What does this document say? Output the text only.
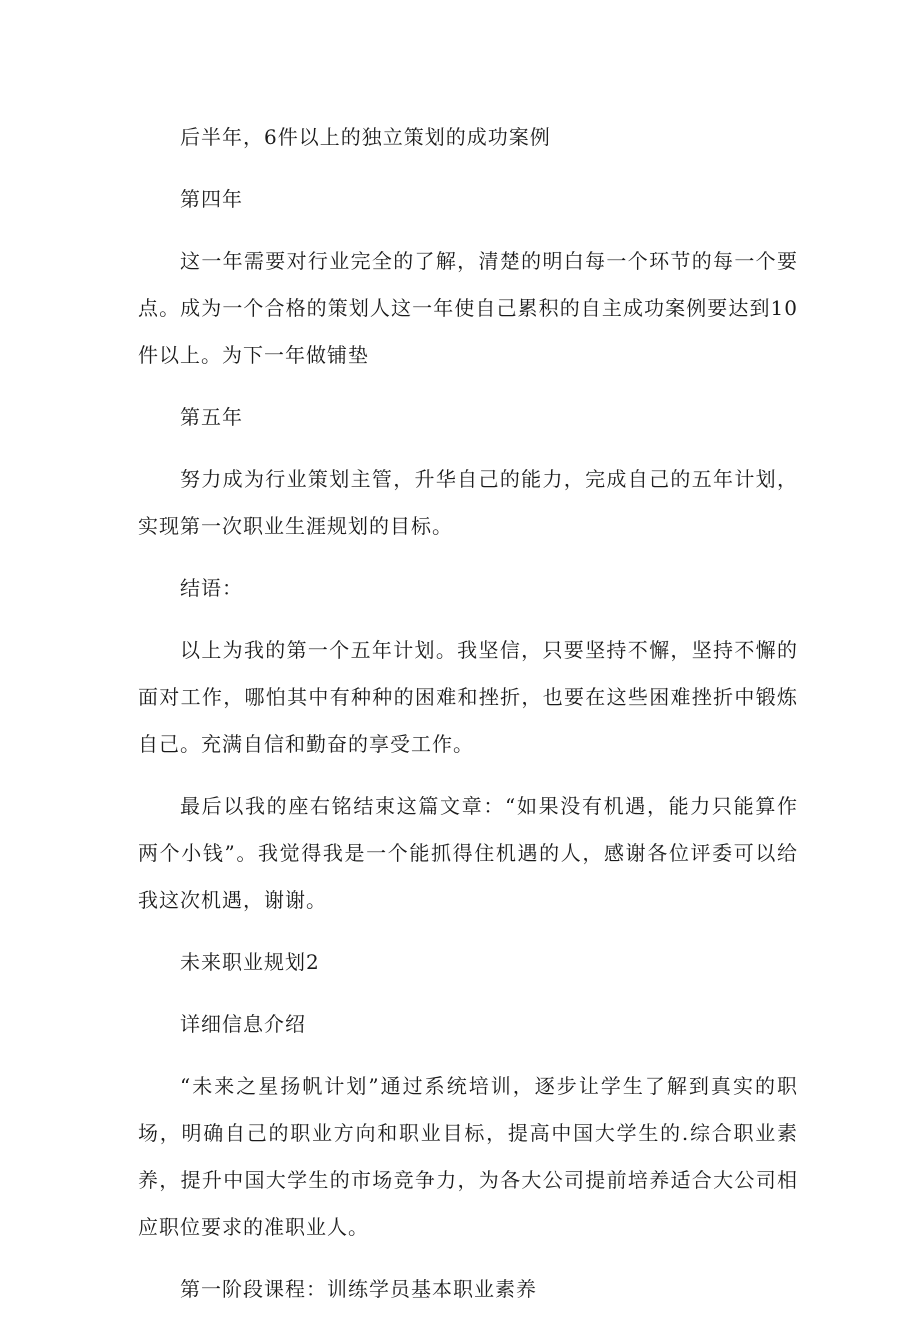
后半年，6件以上的独立策划的成功案例

第四年

这一年需要对行业完全的了解，清楚的明白每一个环节的每一个要点。成为一个合格的策划人这一年使自己累积的自主成功案例要达到10件以上。为下一年做铺垫

第五年

努力成为行业策划主管，升华自己的能力，完成自己的五年计划，实现第一次职业生涯规划的目标。

结语：

以上为我的第一个五年计划。我坚信，只要坚持不懈，坚持不懈的面对工作，哪怕其中有种种的困难和挫折，也要在这些困难挫折中锻炼自己。充满自信和勤奋的享受工作。

最后以我的座右铭结束这篇文章：“如果没有机遇，能力只能算作两个小钱”。我觉得我是一个能抓得住机遇的人，感谢各位评委可以给我这次机遇，谢谢。

未来职业规划2

详细信息介绍

“未来之星扬帆计划”通过系统培训，逐步让学生了解到真实的职场，明确自己的职业方向和职业目标，提高中国大学生的.综合职业素养，提升中国大学生的市场竞争力，为各大公司提前培养适合大公司相应职位要求的准职业人。

第一阶段课程：训练学员基本职业素养
